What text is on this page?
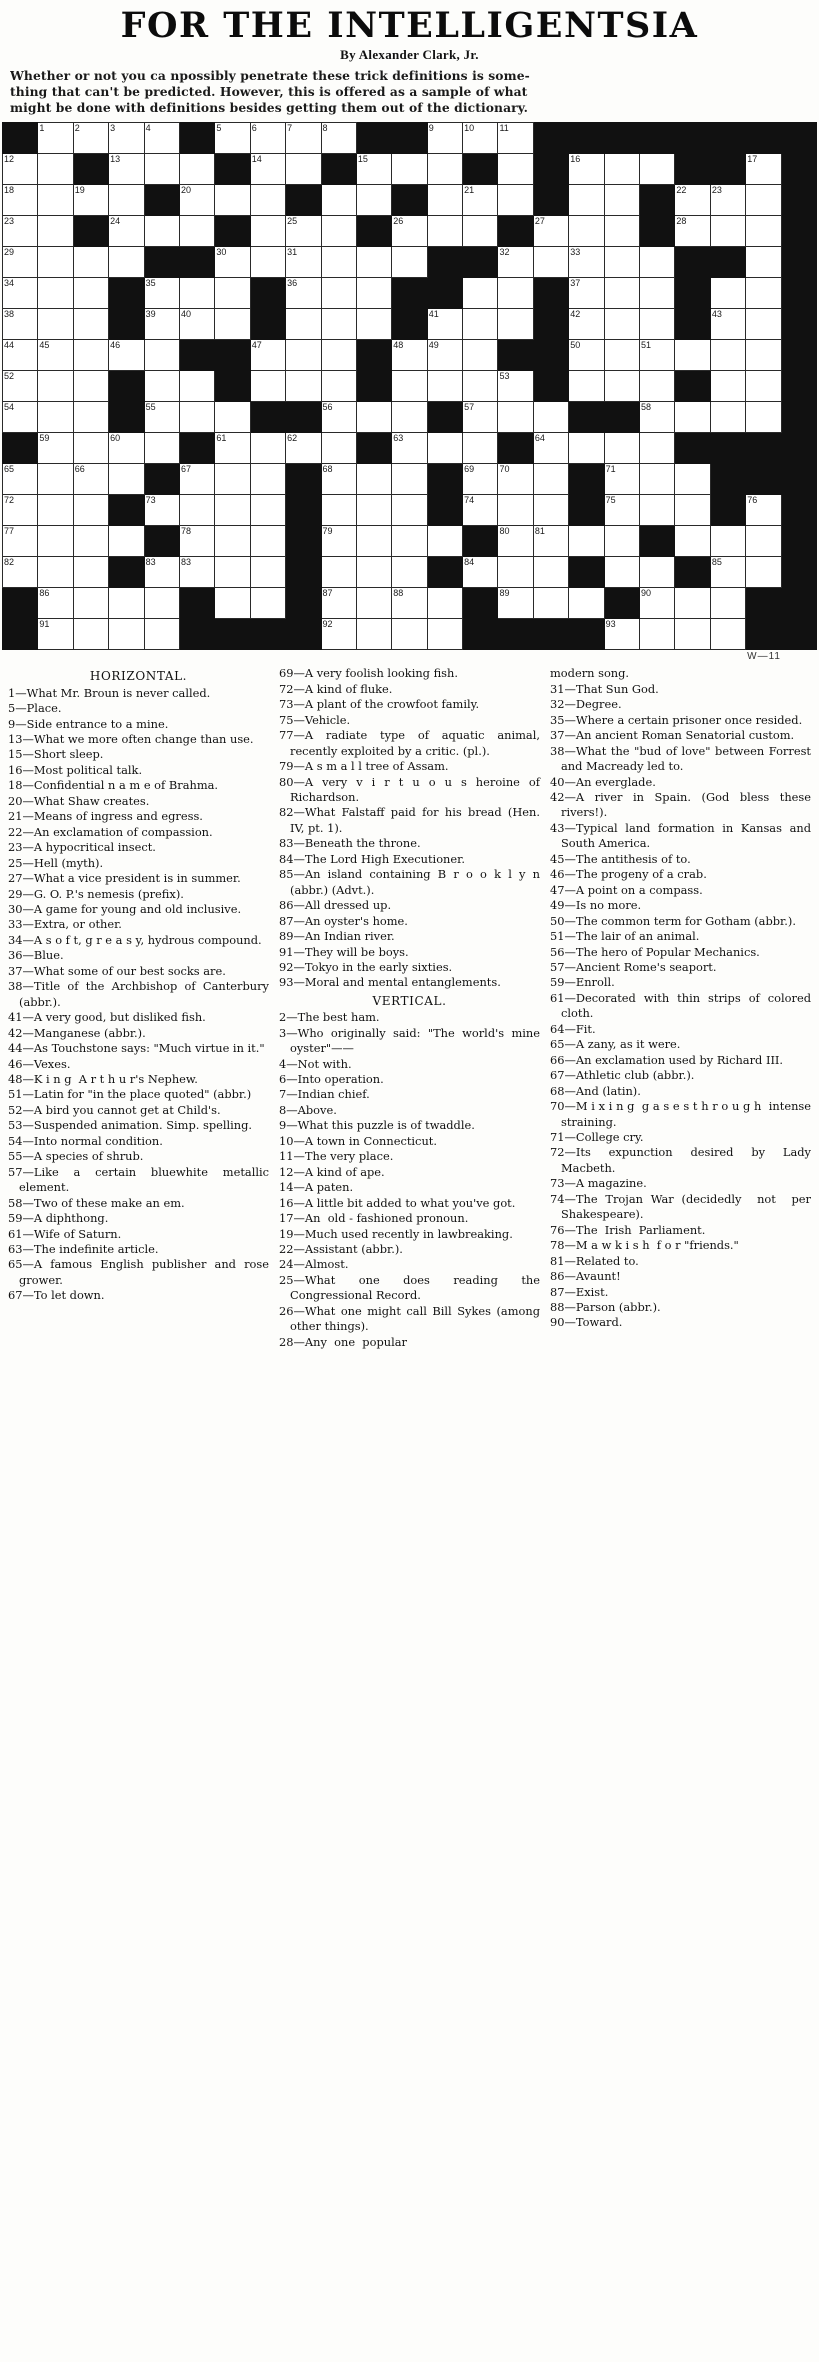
FOR THE INTELLIGENTSIA
By Alexander Clark, Jr.
Whether or not you ca npossibly penetrate these trick definitions is some-
thing that can't be predicted. However, this is offered as a sample of what
might be done with definitions besides getting them out of the dictionary.

	1	2	3	4		5	6	7	8			9	10	11								

12			13				14			15						16					17	

18		19			20								21						22	23		

23			24					25			26				27				28			

29						30		31						32		33						

34				35				36								37						

38				39	40							41				42				43		

44	45		46				47				48	49				50		51				

52														53								

54				55					56				57					58				

	59		60			61		62			63				64							

65		66			67				68				69	70			71					

72				73									74				75				76	

77					78				79					80	81							

82				83	83								84							85		

	86								87		88			89				90				

	91								92								93					

W—11
HORIZONTAL.

1—What Mr. Broun is never called.

5—Place.

9—Side entrance to a mine.

13—What we more often change than use.

15—Short sleep.

16—Most political talk.

18—Confidential n a m e of Brahma.

20—What Shaw creates.

21—Means of ingress and egress.

22—An exclamation of compassion.

23—A hypocritical insect.

25—Hell (myth).

27—What a vice president is in summer.

29—G. O. P.'s nemesis (prefix).

30—A game for young and old inclusive.

33—Extra, or other.

34—A s o f t, g r e a s y, hydrous compound.

36—Blue.

37—What some of our best socks are.

38—Title of the Archbishop of Canterbury (abbr.).

41—A very good, but disliked fish.

42—Manganese (abbr.).

44—As Touchstone says: "Much virtue in it."

46—Vexes.

48—K i n g  A r t h u r's Nephew.

51—Latin for "in the place quoted" (abbr.)

52—A bird you cannot get at Child's.

53—Suspended animation. Simp. spelling.

54—Into normal condition.

55—A species of shrub.

57—Like a certain bluewhite metallic element.

58—Two of these make an em.

59—A diphthong.

61—Wife of Saturn.

63—The indefinite article.

65—A famous English publisher and rose grower.

67—To let down.

69—A very foolish looking fish.

72—A kind of fluke.

73—A plant of the crowfoot family.

75—Vehicle.

77—A radiate type of aquatic animal, recently exploited by a critic. (pl.).

79—A s m a l l tree of Assam.

80—A very v i r t u o u s heroine of Richardson.

82—What Falstaff paid for his bread (Hen. IV, pt. 1).

83—Beneath the throne.

84—The Lord High Executioner.

85—An island containing B r o o k l y n (abbr.) (Advt.).

86—All dressed up.

87—An oyster's home.

89—An Indian river.

91—They will be boys.

92—Tokyo in the early sixties.

93—Moral and mental entanglements.

VERTICAL.

2—The best ham.

3—Who originally said: "The world's mine oyster"——

4—Not with.

6—Into operation.

7—Indian chief.

8—Above.

9—What this puzzle is of twaddle.

10—A town in Connecticut.

11—The very place.

12—A kind of ape.

14—A paten.

16—A little bit added to what you've got.

17—An  old - fashioned pronoun.

19—Much used recently in lawbreaking.

22—Assistant (abbr.).

24—Almost.

25—What one does reading the Congressional Record.

26—What one might call Bill Sykes (among other things).

28—Any  one  popular

modern song.

31—That Sun God.

32—Degree.

35—Where a certain prisoner once resided.

37—An ancient Roman Senatorial custom.

38—What the "bud of love" between Forrest and Macready led to.

40—An everglade.

42—A river in Spain. (God bless these rivers!).

43—Typical land formation in Kansas and South America.

45—The antithesis of to.

46—The progeny of a crab.

47—A point on a compass.

49—Is no more.

50—The common term for Gotham (abbr.).

51—The lair of an animal.

56—The hero of Popular Mechanics.

57—Ancient Rome's seaport.

59—Enroll.

61—Decorated with thin strips of colored cloth.

64—Fit.

65—A zany, as it were.

66—An exclamation used by Richard III.

67—Athletic club (abbr.).

68—And (latin).

70—M i x i n g  g a s e s t h r o u g h  intense straining.

71—College cry.

72—Its expunction desired by Lady Macbeth.

73—A magazine.

74—The Trojan War (decidedly  not  per Shakespeare).

76—The  Irish  Parliament.

78—M a w k i s h  f o r "friends."

81—Related to.

86—Avaunt!

87—Exist.

88—Parson (abbr.).

90—Toward.
